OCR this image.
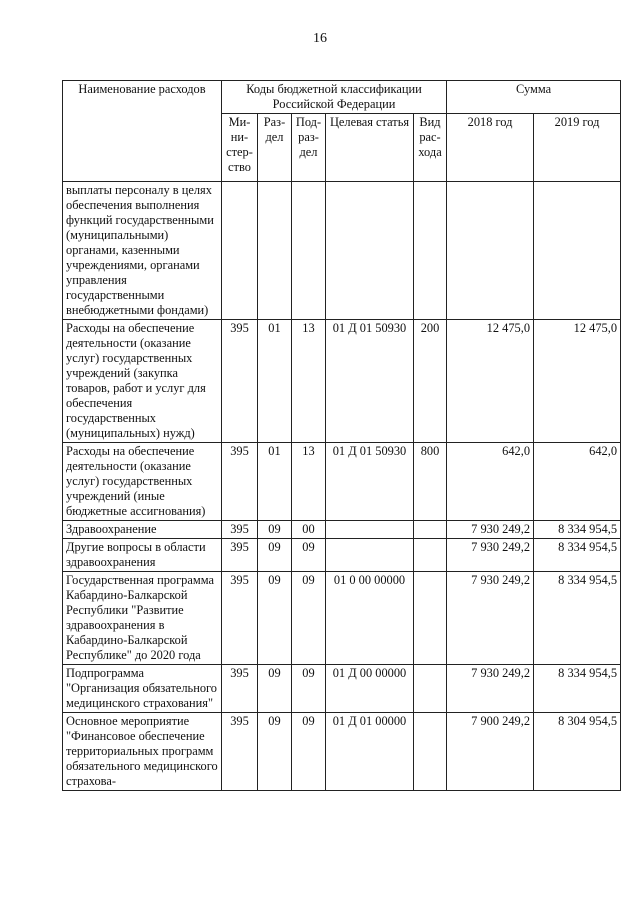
16
Наименование расходов	Коды бюджетной классификации Российской Федерации					Сумма	
	Ми-ни-стер-ство	Раз-дел	Под-раз-дел	Целевая статья	Вид рас-хода	2018 год	2019 год
выплаты персоналу в целях обеспечения выполнения функций государственными (муниципальными) органами, казенными учреждениями, органами управления государственными внебюджетными фондами)							
Расходы на обеспечение деятельности (оказание услуг) государственных учреждений (закупка товаров, работ и услуг для обеспечения государственных (муниципальных) нужд)	395	01	13	01 Д 01 50930	200	12 475,0	12 475,0
Расходы на обеспечение деятельности (оказание услуг) государственных учреждений (иные бюджетные ассигнования)	395	01	13	01 Д 01 50930	800	642,0	642,0
Здравоохранение	395	09	00			7 930 249,2	8 334 954,5
Другие вопросы в области здравоохранения	395	09	09			7 930 249,2	8 334 954,5
Государственная программа Кабардино-Балкарской Республики "Развитие здравоохранения в Кабардино-Балкарской Республике" до 2020 года	395	09	09	01 0 00 00000		7 930 249,2	8 334 954,5
Подпрограмма "Организация обязательного медицинского страхования"	395	09	09	01 Д 00 00000		7 930 249,2	8 334 954,5
Основное мероприятие "Финансовое обеспечение территориальных программ обязательного медицинского страхова-	395	09	09	01 Д 01 00000		7 900 249,2	8 304 954,5
